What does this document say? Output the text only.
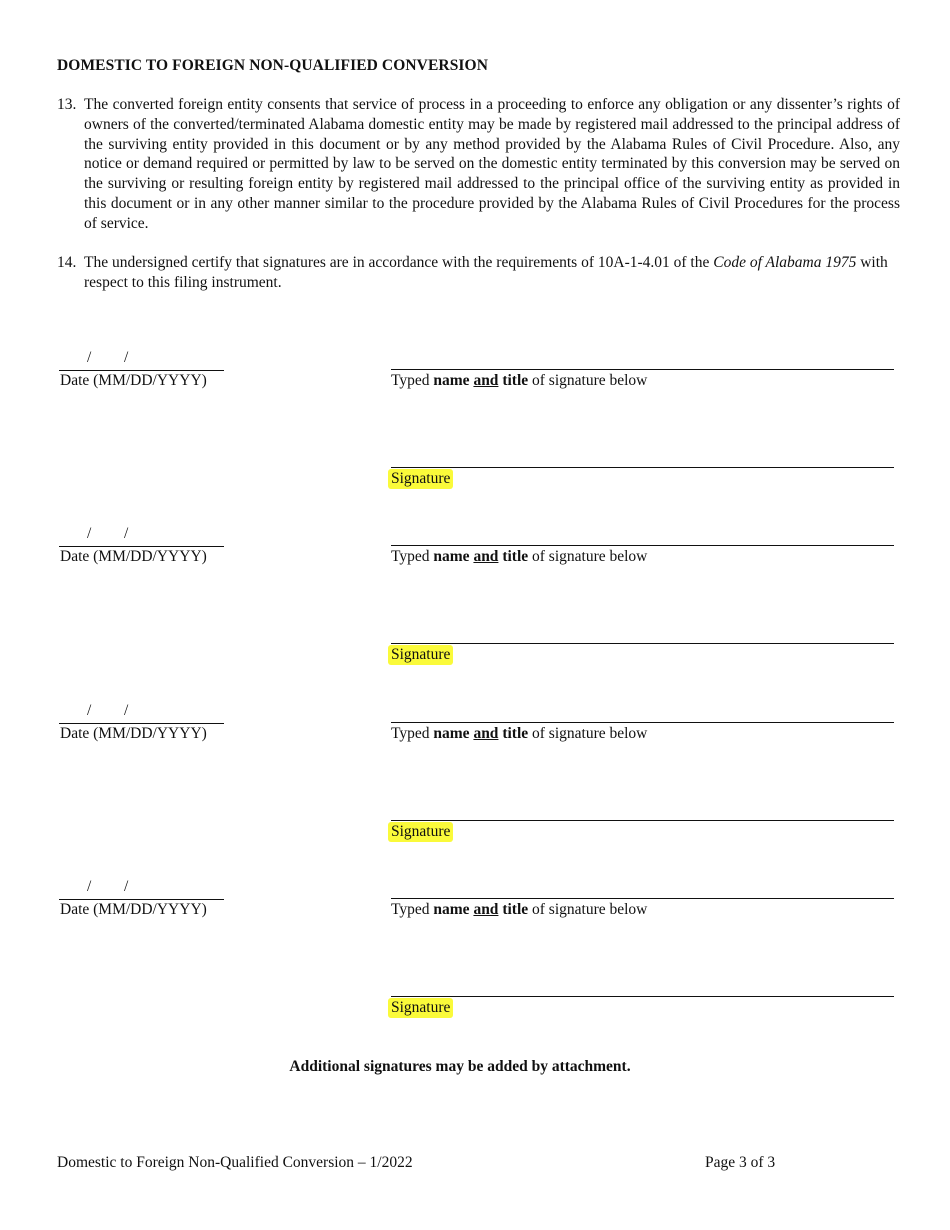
DOMESTIC TO FOREIGN NON-QUALIFIED CONVERSION
13. The converted foreign entity consents that service of process in a proceeding to enforce any obligation or any dissenter’s rights of owners of the converted/terminated Alabama domestic entity may be made by registered mail addressed to the principal address of the surviving entity provided in this document or by any method provided by the Alabama Rules of Civil Procedure. Also, any notice or demand required or permitted by law to be served on the domestic entity terminated by this conversion may be served on the surviving or resulting foreign entity by registered mail addressed to the principal office of the surviving entity as provided in this document or in any other manner similar to the procedure provided by the Alabama Rules of Civil Procedures for the process of service.
14. The undersigned certify that signatures are in accordance with the requirements of 10A-1-4.01 of the Code of Alabama 1975 with respect to this filing instrument.
/ /
Date (MM/DD/YYYY)	Typed name and title of signature below
Signature
/ /
Date (MM/DD/YYYY)	Typed name and title of signature below
Signature
/ /
Date (MM/DD/YYYY)	Typed name and title of signature below
Signature
/ /
Date (MM/DD/YYYY)	Typed name and title of signature below
Signature
Additional signatures may be added by attachment.
Domestic to Foreign Non-Qualified Conversion – 1/2022	Page 3 of 3
